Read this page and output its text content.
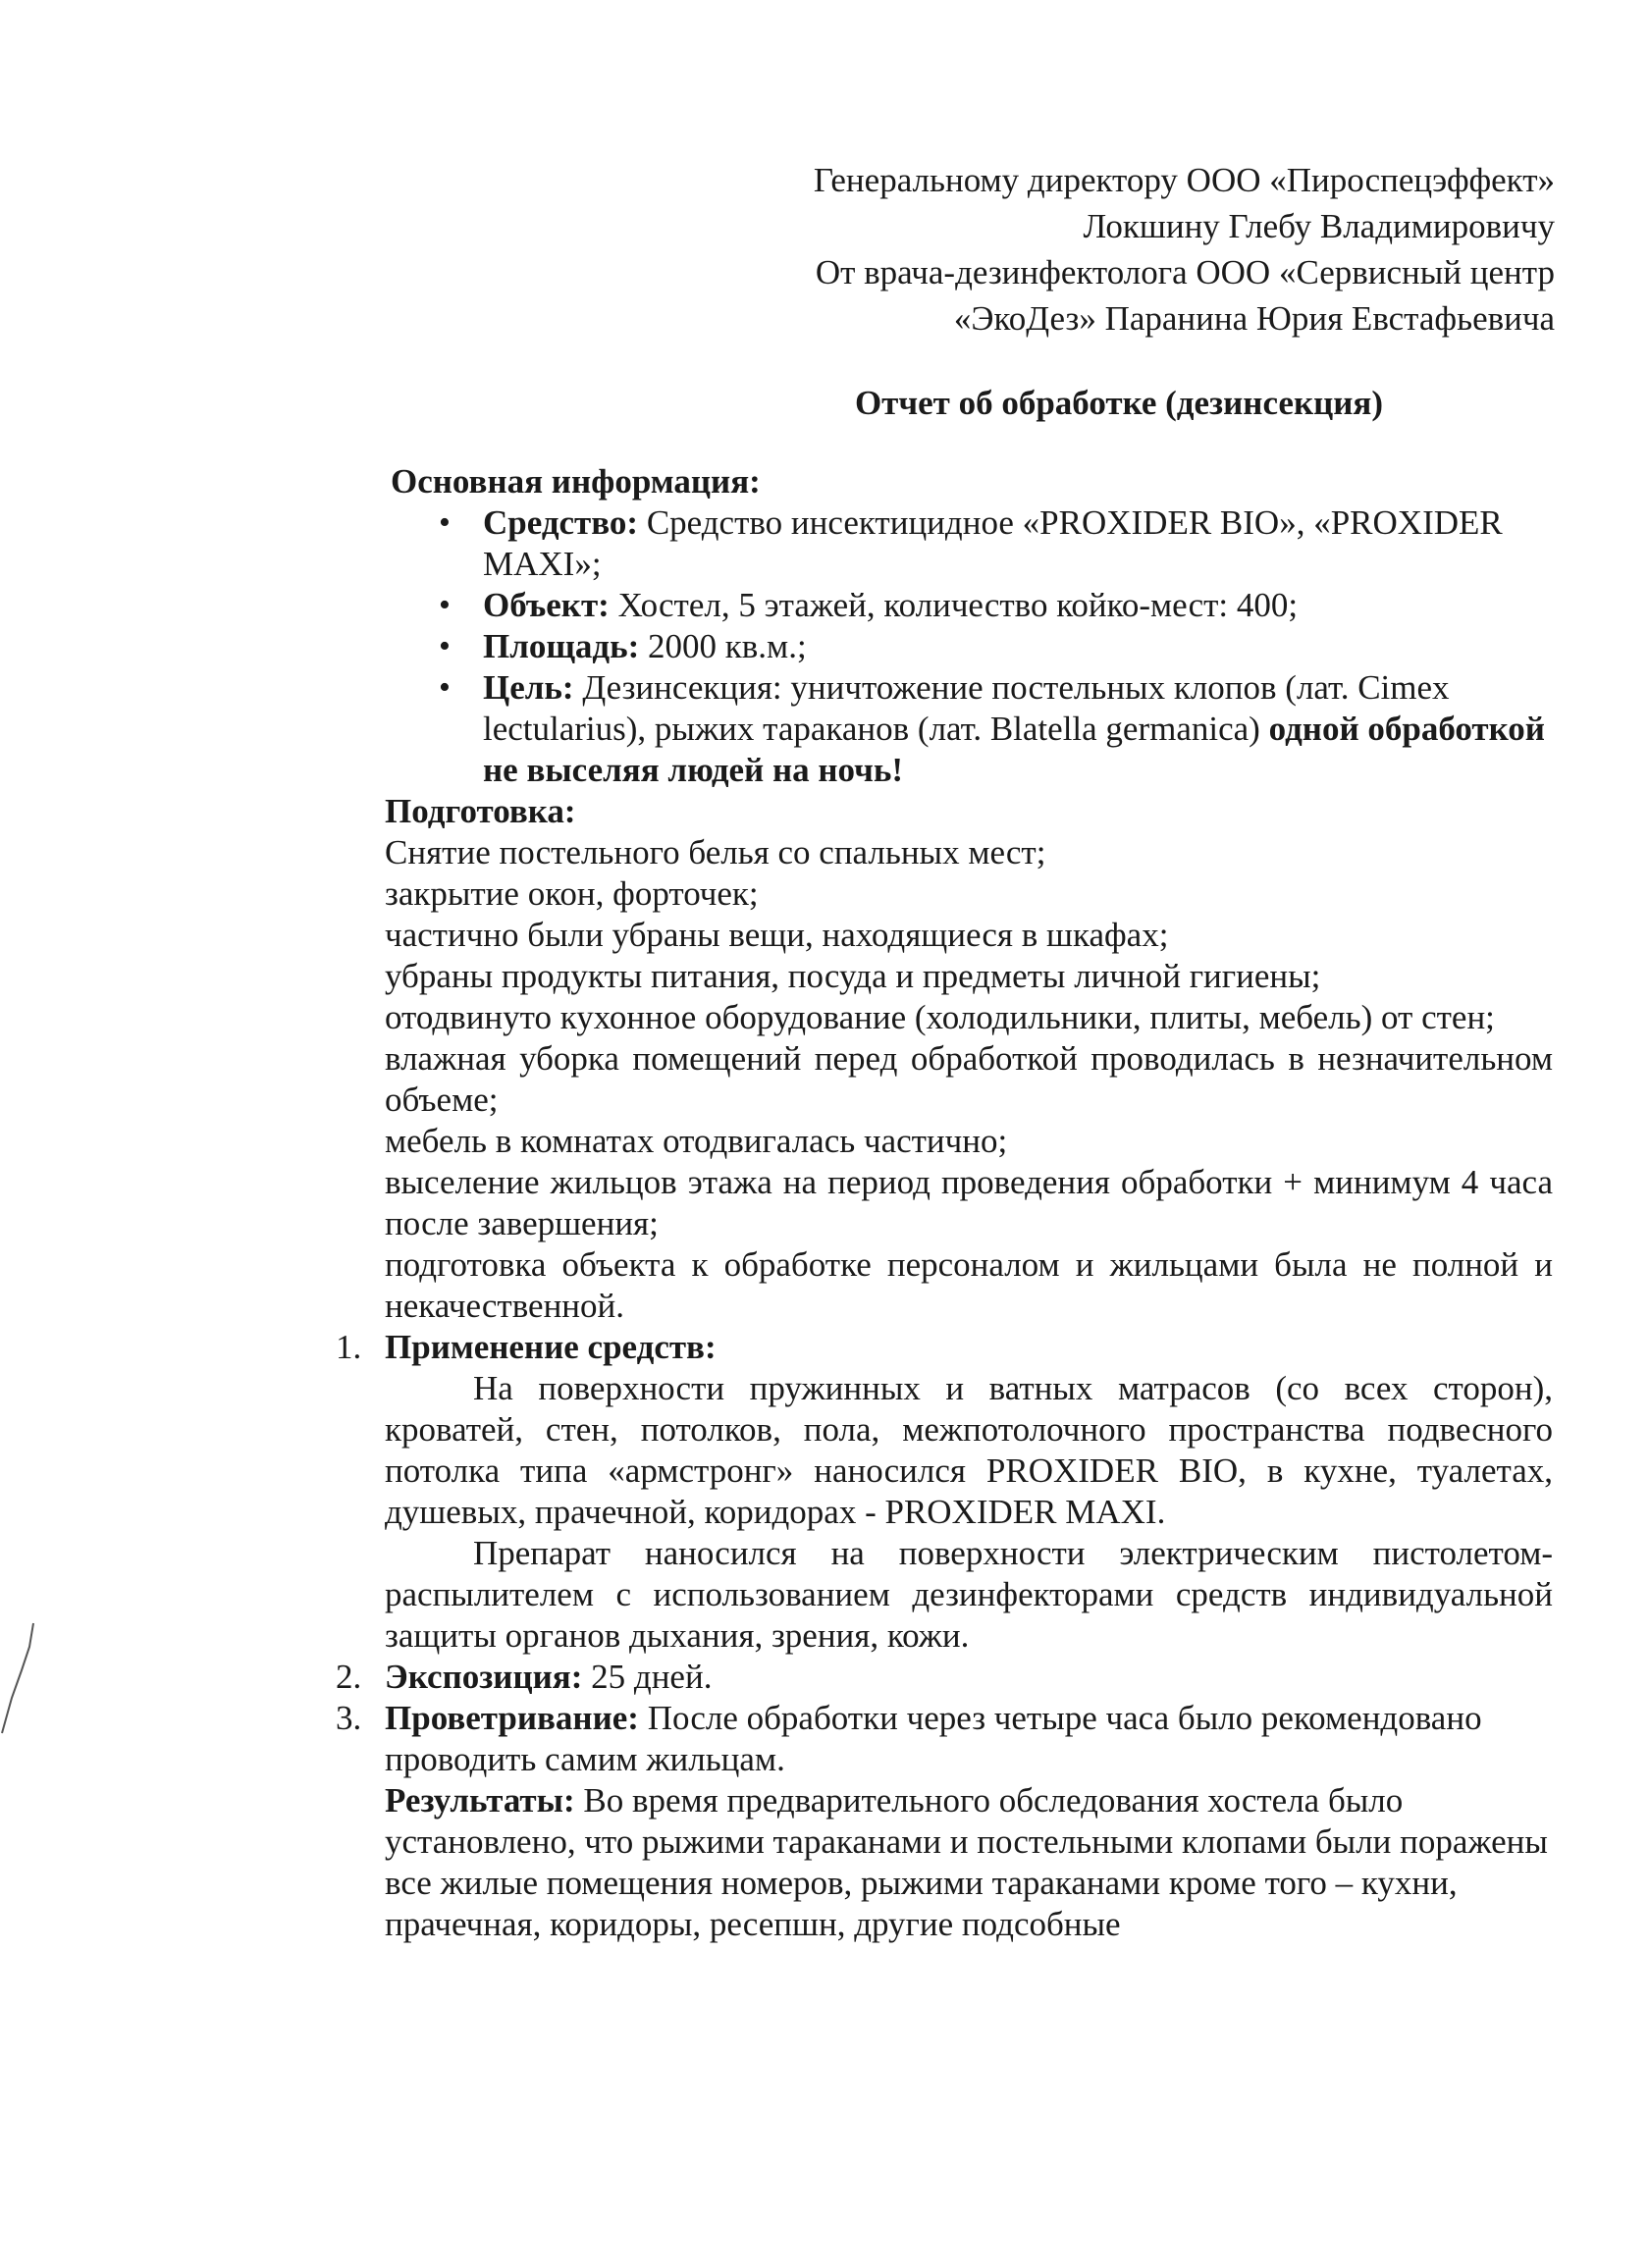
Генеральному директору ООО «Пироспецэффект»
Локшину Глебу Владимировичу
От врача-дезинфектолога ООО «Сервисный центр
«ЭкоДез» Паранина Юрия Евстафьевича
Отчет об обработке (дезинсекция)
Основная информация:
• Средство: Средство инсектицидное «PROXIDER BIO», «PROXIDER MAXI»;
• Объект: Хостел, 5 этажей, количество койко-мест: 400;
• Площадь: 2000 кв.м.;
• Цель: Дезинсекция: уничтожение постельных клопов (лат. Cimex lectularius), рыжих тараканов (лат. Blatella germanica) одной обработкой не выселяя людей на ночь!
Подготовка:
Снятие постельного белья со спальных мест;
закрытие окон, форточек;
частично были убраны вещи, находящиеся в шкафах;
убраны продукты питания, посуда и предметы личной гигиены;
отодвинуто кухонное оборудование (холодильники, плиты, мебель) от стен;
влажная уборка помещений перед обработкой проводилась в незначительном объеме;
мебель в комнатах отодвигалась частично;
выселение жильцов этажа на период проведения обработки + минимум 4 часа после завершения;
подготовка объекта к обработке персоналом и жильцами была не полной и некачественной.
1. Применение средств:
На поверхности пружинных и ватных матрасов (со всех сторон), кроватей, стен, потолков, пола, межпотолочного пространства подвесного потолка типа «армстронг» наносился PROXIDER BIO, в кухне, туалетах, душевых, прачечной, коридорах - PROXIDER MAXI.
Препарат наносился на поверхности электрическим пистолетом-распылителем с использованием дезинфекторами средств индивидуальной защиты органов дыхания, зрения, кожи.
2. Экспозиция: 25 дней.
3. Проветривание: После обработки через четыре часа было рекомендовано проводить самим жильцам.
Результаты: Во время предварительного обследования хостела было установлено, что рыжими тараканами и постельными клопами были поражены все жилые помещения номеров, рыжими тараканами кроме того – кухни, прачечная, коридоры, ресепшн, другие подсобные
